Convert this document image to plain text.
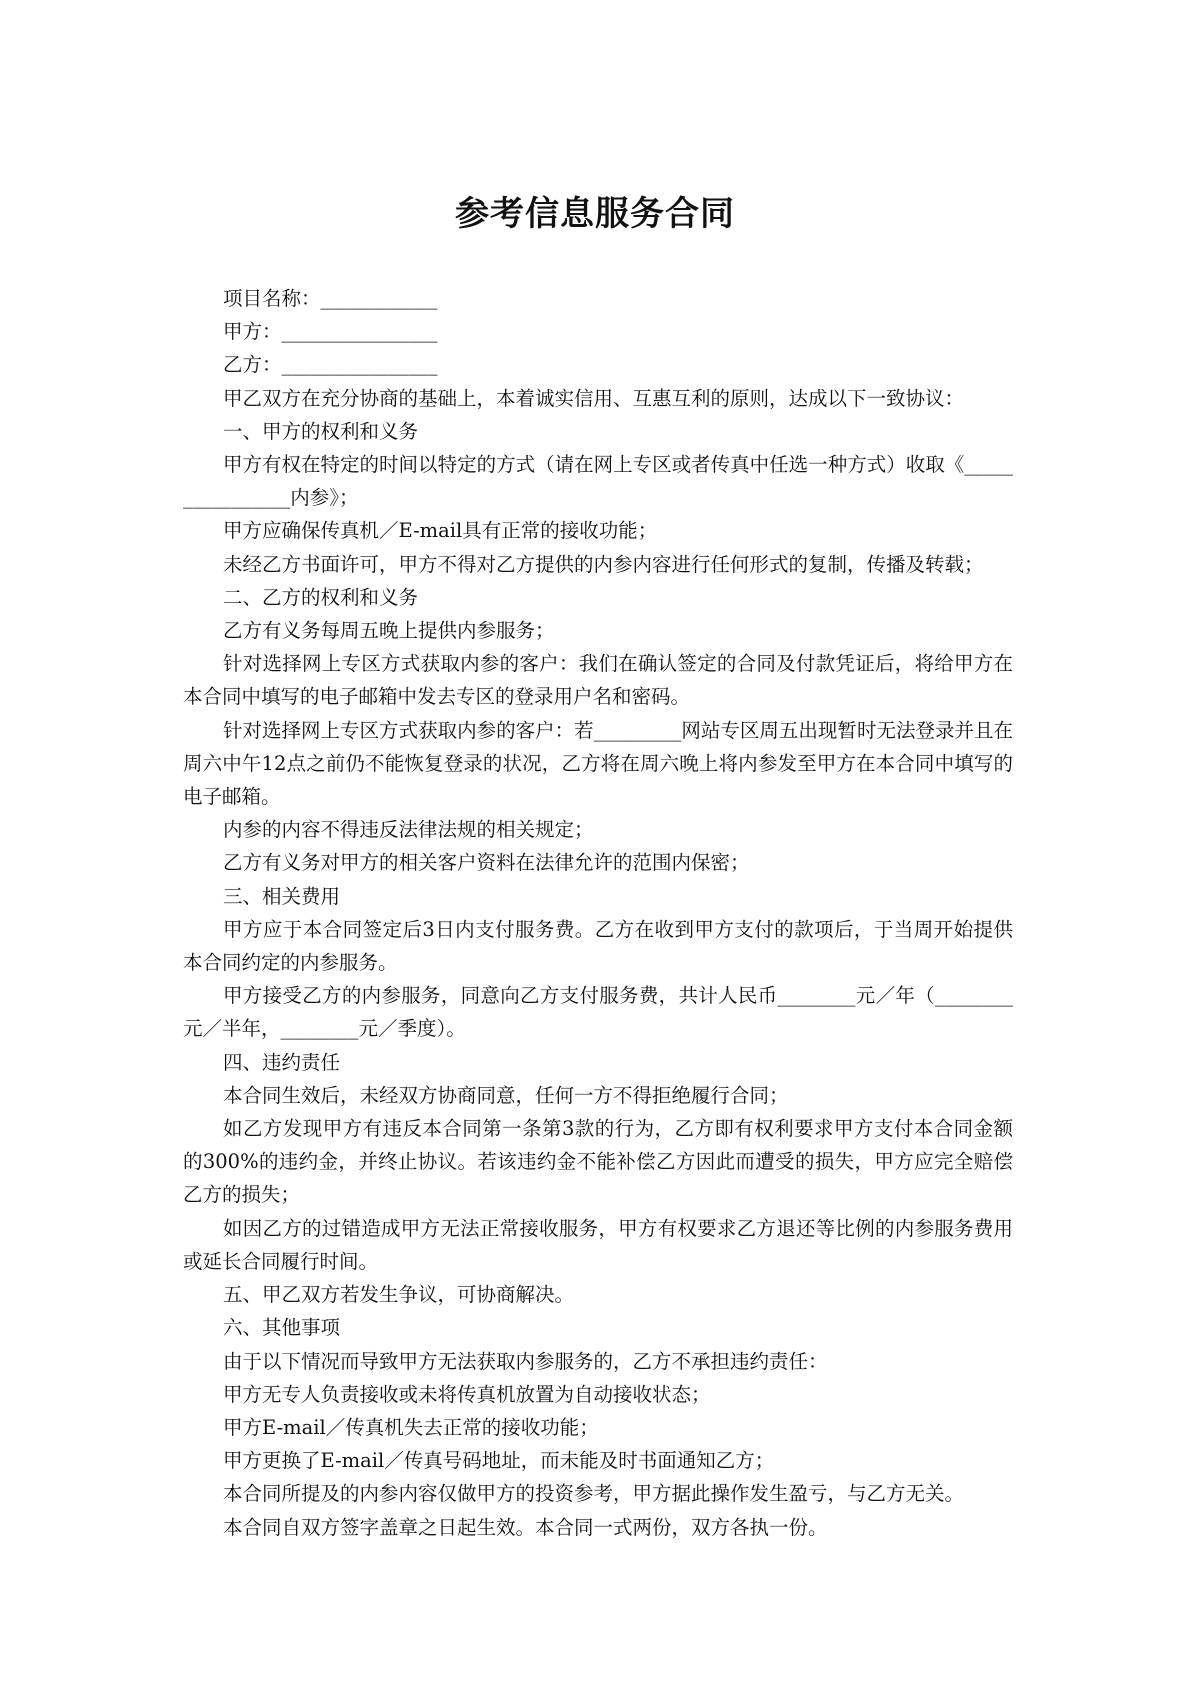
参考信息服务合同

项目名称：____________

甲方：________________

乙方：________________

甲乙双方在充分协商的基础上，本着诚实信用、互惠互利的原则，达成以下一致协议：

一、甲方的权利和义务

甲方有权在特定的时间以特定的方式（请在网上专区或者传真中任选一种方式）收取《________________内参》；

甲方应确保传真机／E-mail具有正常的接收功能；

未经乙方书面许可，甲方不得对乙方提供的内参内容进行任何形式的复制，传播及转载；

二、乙方的权利和义务

乙方有义务每周五晚上提供内参服务；

针对选择网上专区方式获取内参的客户：我们在确认签定的合同及付款凭证后，将给甲方在本合同中填写的电子邮箱中发去专区的登录用户名和密码。

针对选择网上专区方式获取内参的客户：若_________网站专区周五出现暂时无法登录并且在周六中午12点之前仍不能恢复登录的状况，乙方将在周六晚上将内参发至甲方在本合同中填写的电子邮箱。

内参的内容不得违反法律法规的相关规定；

乙方有义务对甲方的相关客户资料在法律允许的范围内保密；

三、相关费用

甲方应于本合同签定后3日内支付服务费。乙方在收到甲方支付的款项后，于当周开始提供本合同约定的内参服务。

甲方接受乙方的内参服务，同意向乙方支付服务费，共计人民币________元／年（________元／半年，________元／季度）。

四、违约责任

本合同生效后，未经双方协商同意，任何一方不得拒绝履行合同；

如乙方发现甲方有违反本合同第一条第3款的行为，乙方即有权利要求甲方支付本合同金额的300%的违约金，并终止协议。若该违约金不能补偿乙方因此而遭受的损失，甲方应完全赔偿乙方的损失；

如因乙方的过错造成甲方无法正常接收服务，甲方有权要求乙方退还等比例的内参服务费用或延长合同履行时间。

五、甲乙双方若发生争议，可协商解决。

六、其他事项

由于以下情况而导致甲方无法获取内参服务的，乙方不承担违约责任：

甲方无专人负责接收或未将传真机放置为自动接收状态；

甲方E-mail／传真机失去正常的接收功能；

甲方更换了E-mail／传真号码地址，而未能及时书面通知乙方；

本合同所提及的内参内容仅做甲方的投资参考，甲方据此操作发生盈亏，与乙方无关。

本合同自双方签字盖章之日起生效。本合同一式两份，双方各执一份。
